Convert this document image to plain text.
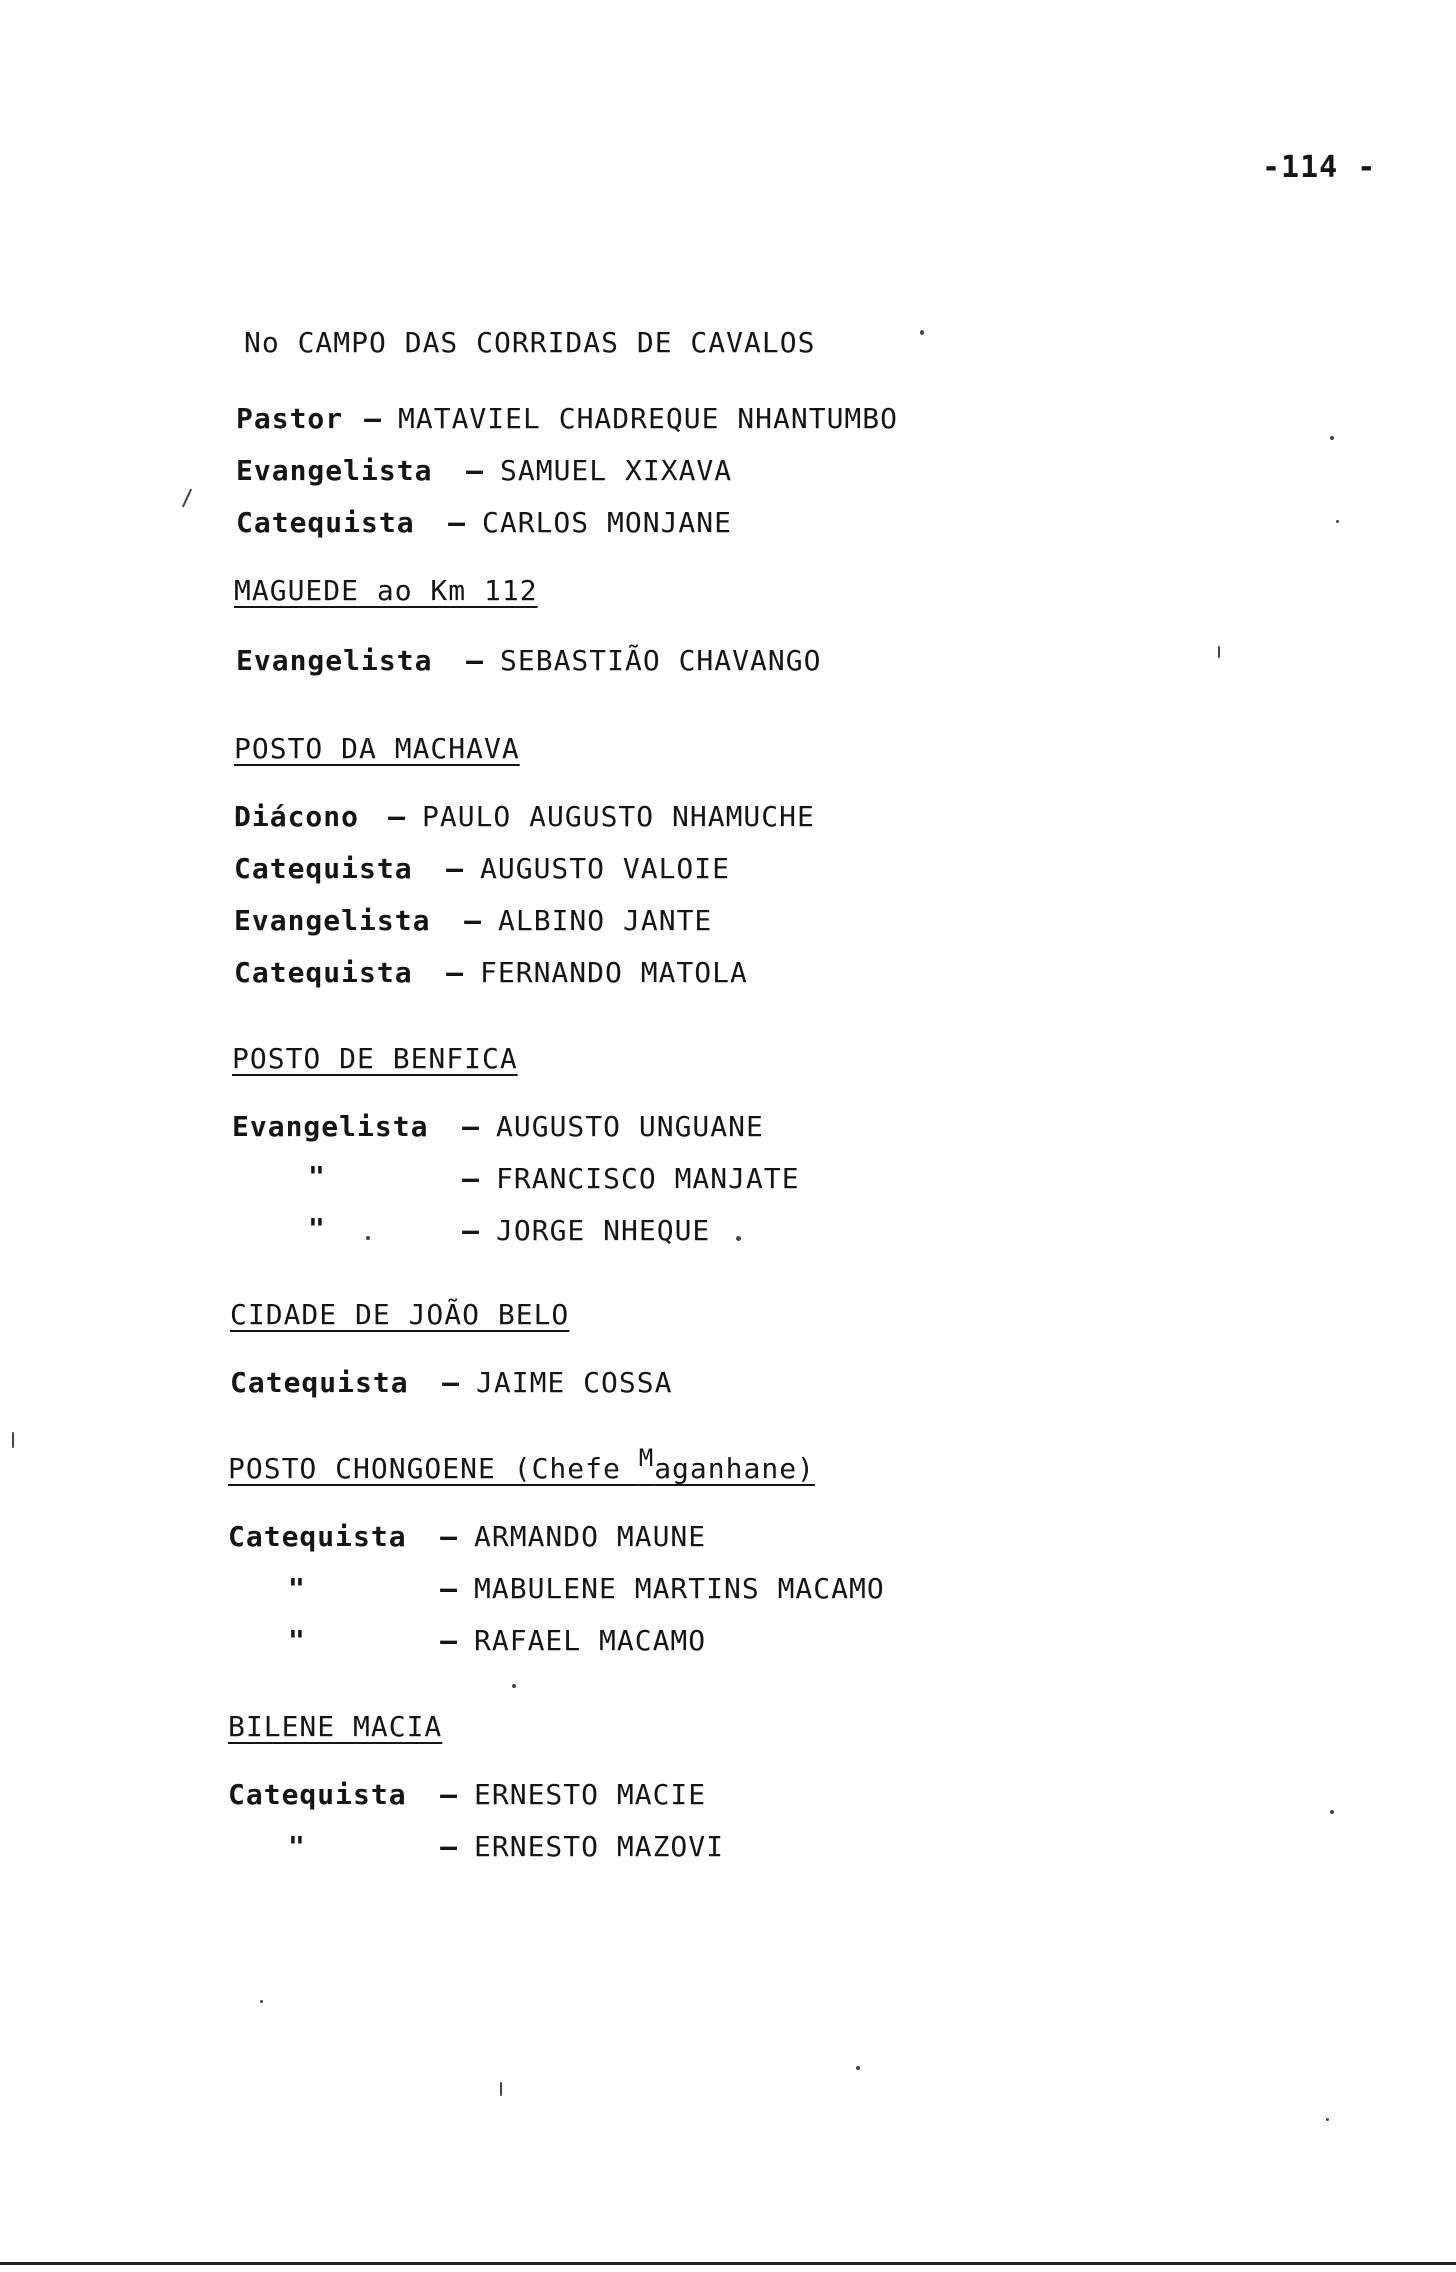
-114 -
No CAMPO DAS CORRIDAS DE CAVALOS
Pastor – MATAVIEL CHADREQUE NHANTUMBO
Evangelista – SAMUEL XIXAVA
Catequista – CARLOS MONJANE
MAGUEDE ao Km 112
Evangelista – SEBASTIÃO CHAVANGO
POSTO DA MACHAVA
Diácono – PAULO AUGUSTO NHAMUCHE
Catequista – AUGUSTO VALOIE
Evangelista – ALBINO JANTE
Catequista – FERNANDO MATOLA
POSTO DE BENFICA
Evangelista – AUGUSTO UNGUANE
"	– FRANCISCO MANJATE
"	– JORGE NHEQUE
CIDADE DE JOÃO BELO
Catequista – JAIME COSSA
POSTO CHONGOENE (Chefe Maganhane)
Catequista – ARMANDO MAUNE
"	– MABULENE MARTINS MACAMO
"	– RAFAEL MACAMO
BILENE MACIA
Catequista – ERNESTO MACIE
"	– ERNESTO MAZOVI
